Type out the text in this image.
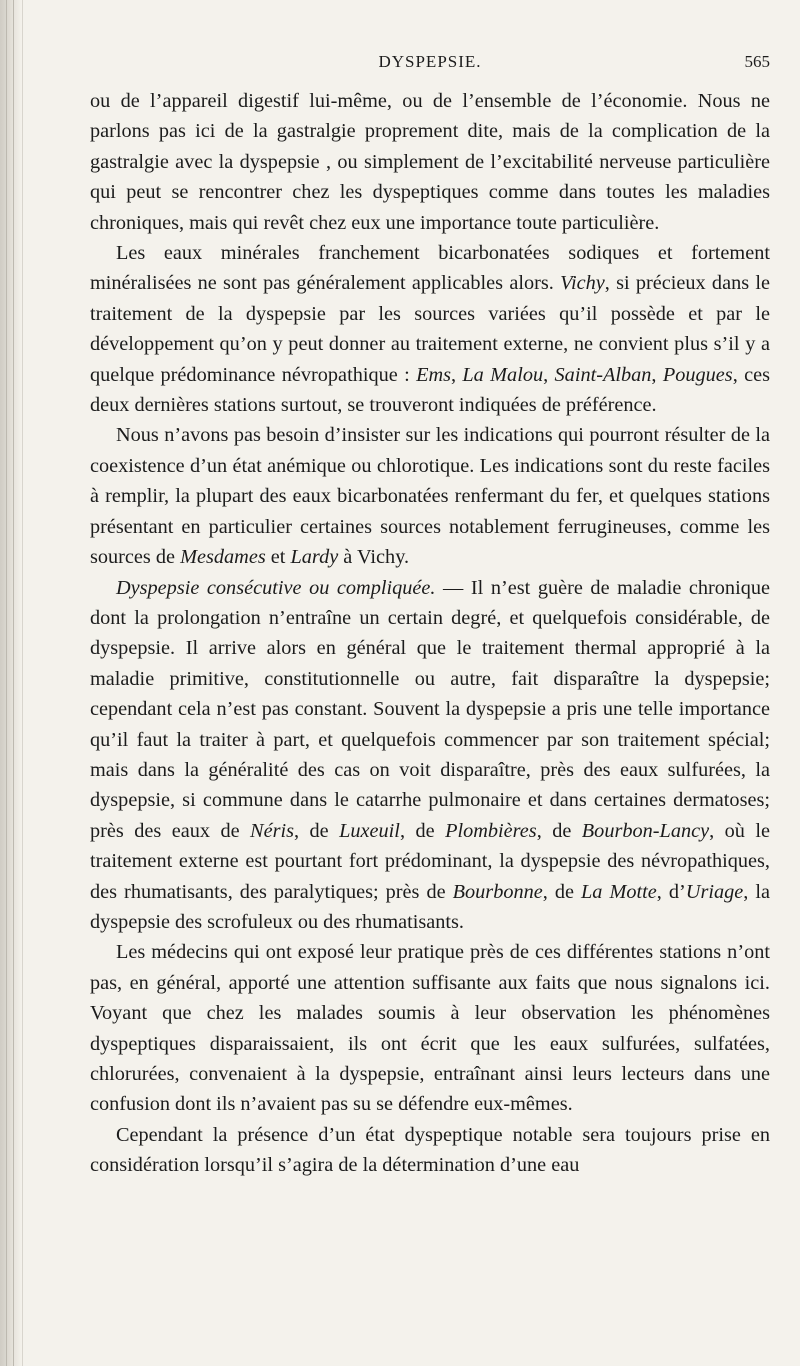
DYSPEPSIE.	565

ou de l’appareil digestif lui-même, ou de l’ensemble de l’économie. Nous ne parlons pas ici de la gastralgie proprement dite, mais de la complication de la gastralgie avec la dyspepsie , ou simplement de l’excitabilité nerveuse particulière qui peut se rencontrer chez les dyspeptiques comme dans toutes les maladies chroniques, mais qui revêt chez eux une importance toute particulière.

Les eaux minérales franchement bicarbonatées sodiques et fortement minéralisées ne sont pas généralement applicables alors. Vichy, si précieux dans le traitement de la dyspepsie par les sources variées qu’il possède et par le développement qu’on y peut donner au traitement externe, ne convient plus s’il y a quelque prédominance névropathique : Ems, La Malou, Saint-Alban, Pougues, ces deux dernières stations surtout, se trouveront indiquées de préférence.

Nous n’avons pas besoin d’insister sur les indications qui pourront résulter de la coexistence d’un état anémique ou chlorotique. Les indications sont du reste faciles à remplir, la plupart des eaux bicarbonatées renfermant du fer, et quelques stations présentant en particulier certaines sources notablement ferrugineuses, comme les sources de Mesdames et Lardy à Vichy.

Dyspepsie consécutive ou compliquée. — Il n’est guère de maladie chronique dont la prolongation n’entraîne un certain degré, et quelquefois considérable, de dyspepsie. Il arrive alors en général que le traitement thermal approprié à la maladie primitive, constitutionnelle ou autre, fait disparaître la dyspepsie; cependant cela n’est pas constant. Souvent la dyspepsie a pris une telle importance qu’il faut la traiter à part, et quelquefois commencer par son traitement spécial; mais dans la généralité des cas on voit disparaître, près des eaux sulfurées, la dyspepsie, si commune dans le catarrhe pulmonaire et dans certaines dermatoses; près des eaux de Néris, de Luxeuil, de Plombières, de Bourbon-Lancy, où le traitement externe est pourtant fort prédominant, la dyspepsie des névropathiques, des rhumatisants, des paralytiques; près de Bourbonne, de La Motte, d’Uriage, la dyspepsie des scrofuleux ou des rhumatisants.

Les médecins qui ont exposé leur pratique près de ces différentes stations n’ont pas, en général, apporté une attention suffisante aux faits que nous signalons ici. Voyant que chez les malades soumis à leur observation les phénomènes dyspeptiques disparaissaient, ils ont écrit que les eaux sulfurées, sulfatées, chlorurées, convenaient à la dyspepsie, entraînant ainsi leurs lecteurs dans une confusion dont ils n’avaient pas su se défendre eux-mêmes.

Cependant la présence d’un état dyspeptique notable sera toujours prise en considération lorsqu’il s’agira de la détermination d’une eau
